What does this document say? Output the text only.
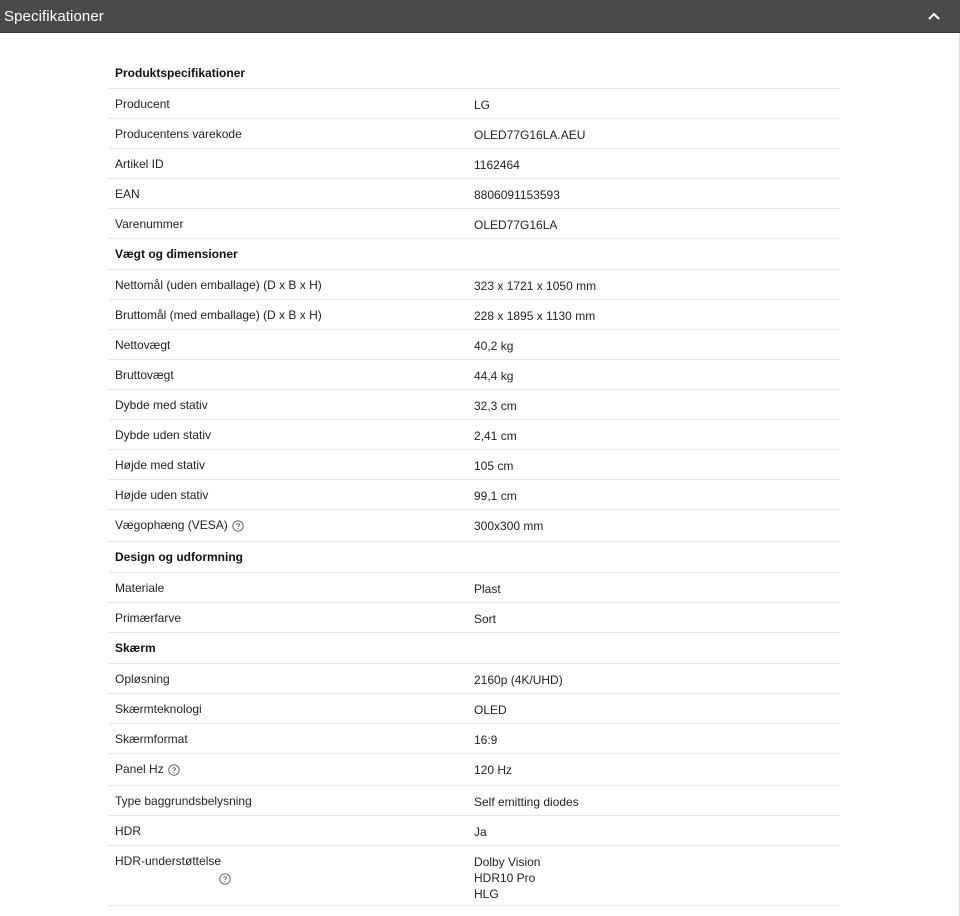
Specifikationer
Produktspecifikationer
Producent	LG
Producentens varekode	OLED77G16LA.AEU
Artikel ID	1162464
EAN	8806091153593
Varenummer	OLED77G16LA
Vægt og dimensioner
Nettomål (uden emballage) (D x B x H)	323 x 1721 x 1050 mm
Bruttomål (med emballage) (D x B x H)	228 x 1895 x 1130 mm
Nettovægt	40,2 kg
Bruttovægt	44,4 kg
Dybde med stativ	32,3 cm
Dybde uden stativ	2,41 cm
Højde med stativ	105 cm
Højde uden stativ	99,1 cm
Vægophæng (VESA)	300x300 mm
Design og udformning
Materiale	Plast
Primærfarve	Sort
Skærm
Opløsning	2160p (4K/UHD)
Skærmteknologi	OLED
Skærmformat	16:9
Panel Hz	120 Hz
Type baggrundsbelysning	Self emitting diodes
HDR	Ja
HDR-understøttelse	Dolby Vision
HDR10 Pro
HLG
